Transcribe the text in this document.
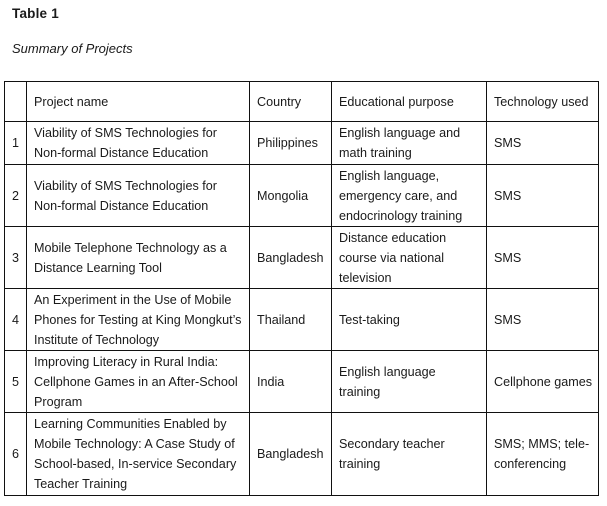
Table 1
Summary of Projects
	Project name	Country	Educational purpose	Technology used
1	Viability of SMS Technologies for Non-formal Distance Education	Philippines	English language and math training	SMS
2	Viability of SMS Technologies for Non-formal Distance Education	Mongolia	English language, emergency care, and endocrinology training	SMS
3	Mobile Telephone Technology as a Distance Learning Tool	Bangladesh	Distance education course via national television	SMS
4	An Experiment in the Use of Mobile Phones for Testing at King Mongkut’s Institute of Technology	Thailand	Test-taking	SMS
5	Improving Literacy in Rural India: Cellphone Games in an After-School Program	India	English language training	Cellphone games
6	Learning Communities Enabled by Mobile Technology: A Case Study of School-based, In-service Secondary Teacher Training	Bangladesh	Secondary teacher training	SMS; MMS; tele-conferencing
